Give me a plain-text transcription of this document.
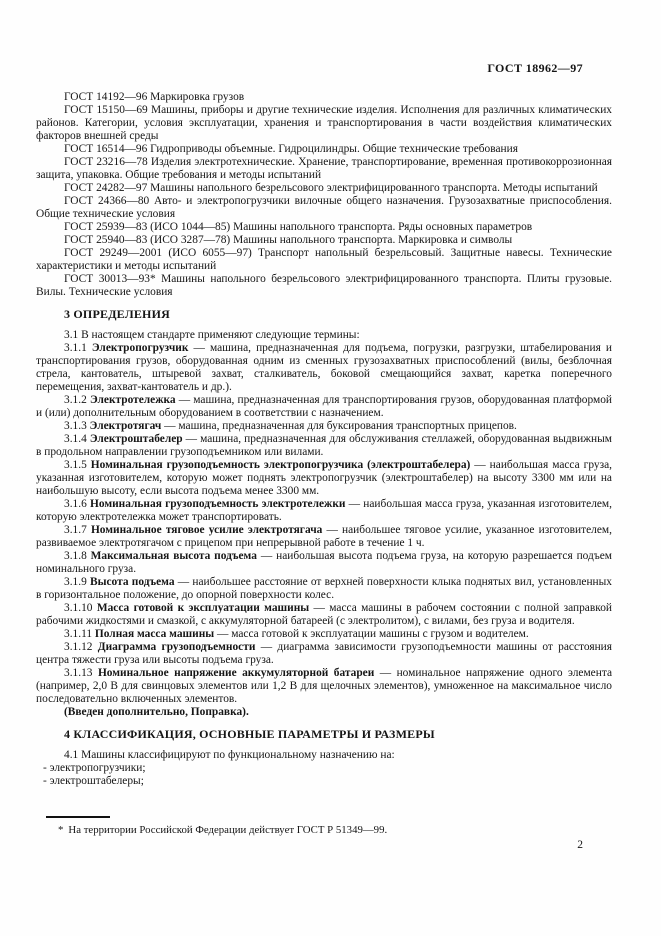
ГОСТ 18962—97
ГОСТ 14192—96 Маркировка грузов
ГОСТ 15150—69 Машины, приборы и другие технические изделия. Исполнения для различных климатических районов. Категории, условия эксплуатации, хранения и транспортирования в части воздействия климатических факторов внешней среды
ГОСТ 16514—96 Гидроприводы объемные. Гидроцилиндры. Общие технические требования
ГОСТ 23216—78 Изделия электротехнические. Хранение, транспортирование, временная противокоррозионная защита, упаковка. Общие требования и методы испытаний
ГОСТ 24282—97 Машины напольного безрельсового электрифицированного транспорта. Методы испытаний
ГОСТ 24366—80 Авто- и электропогрузчики вилочные общего назначения. Грузозахватные приспособления. Общие технические условия
ГОСТ 25939—83 (ИСО 1044—85) Машины напольного транспорта. Ряды основных параметров
ГОСТ 25940—83 (ИСО 3287—78) Машины напольного транспорта. Маркировка и символы
ГОСТ 29249—2001 (ИСО 6055—97) Транспорт напольный безрельсовый. Защитные навесы. Технические характеристики и методы испытаний
ГОСТ 30013—93* Машины напольного безрельсового электрифицированного транспорта. Плиты грузовые. Вилы. Технические условия
3 ОПРЕДЕЛЕНИЯ
3.1 В настоящем стандарте применяют следующие термины:
3.1.1 Электропогрузчик — машина, предназначенная для подъема, погрузки, разгрузки, штабелирования и транспортирования грузов, оборудованная одним из сменных грузозахватных приспособлений (вилы, безблочная стрела, кантователь, штыревой захват, сталкиватель, боковой смещающийся захват, каретка поперечного перемещения, захват-кантователь и др.).
3.1.2 Электротележка — машина, предназначенная для транспортирования грузов, оборудованная платформой и (или) дополнительным оборудованием в соответствии с назначением.
3.1.3 Электротягач — машина, предназначенная для буксирования транспортных прицепов.
3.1.4 Электроштабелер — машина, предназначенная для обслуживания стеллажей, оборудованная выдвижным в продольном направлении грузоподъемником или вилами.
3.1.5 Номинальная грузоподъемность электропогрузчика (электроштабелера) — наибольшая масса груза, указанная изготовителем, которую может поднять электропогрузчик (электроштабелер) на высоту 3300 мм или на наибольшую высоту, если высота подъема менее 3300 мм.
3.1.6 Номинальная грузоподъемность электротележки — наибольшая масса груза, указанная изготовителем, которую электротележка может транспортировать.
3.1.7 Номинальное тяговое усилие электротягача — наибольшее тяговое усилие, указанное изготовителем, развиваемое электротягачом с прицепом при непрерывной работе в течение 1 ч.
3.1.8 Максимальная высота подъема — наибольшая высота подъема груза, на которую разрешается подъем номинального груза.
3.1.9 Высота подъема — наибольшее расстояние от верхней поверхности клыка поднятых вил, установленных в горизонтальное положение, до опорной поверхности колес.
3.1.10 Масса готовой к эксплуатации машины — масса машины в рабочем состоянии с полной заправкой рабочими жидкостями и смазкой, с аккумуляторной батареей (с электролитом), с вилами, без груза и водителя.
3.1.11 Полная масса машины — масса готовой к эксплуатации машины с грузом и водителем.
3.1.12 Диаграмма грузоподъемности — диаграмма зависимости грузоподъемности машины от расстояния центра тяжести груза или высоты подъема груза.
3.1.13 Номинальное напряжение аккумуляторной батареи — номинальное напряжение одного элемента (например, 2,0 В для свинцовых элементов или 1,2 В для щелочных элементов), умноженное на максимальное число последовательно включенных элементов.
(Введен дополнительно, Поправка).
4 КЛАССИФИКАЦИЯ, ОСНОВНЫЕ ПАРАМЕТРЫ И РАЗМЕРЫ
4.1 Машины классифицируют по функциональному назначению на:
- электропогрузчики;
- электроштабелеры;
* На территории Российской Федерации действует ГОСТ Р 51349—99.
2
